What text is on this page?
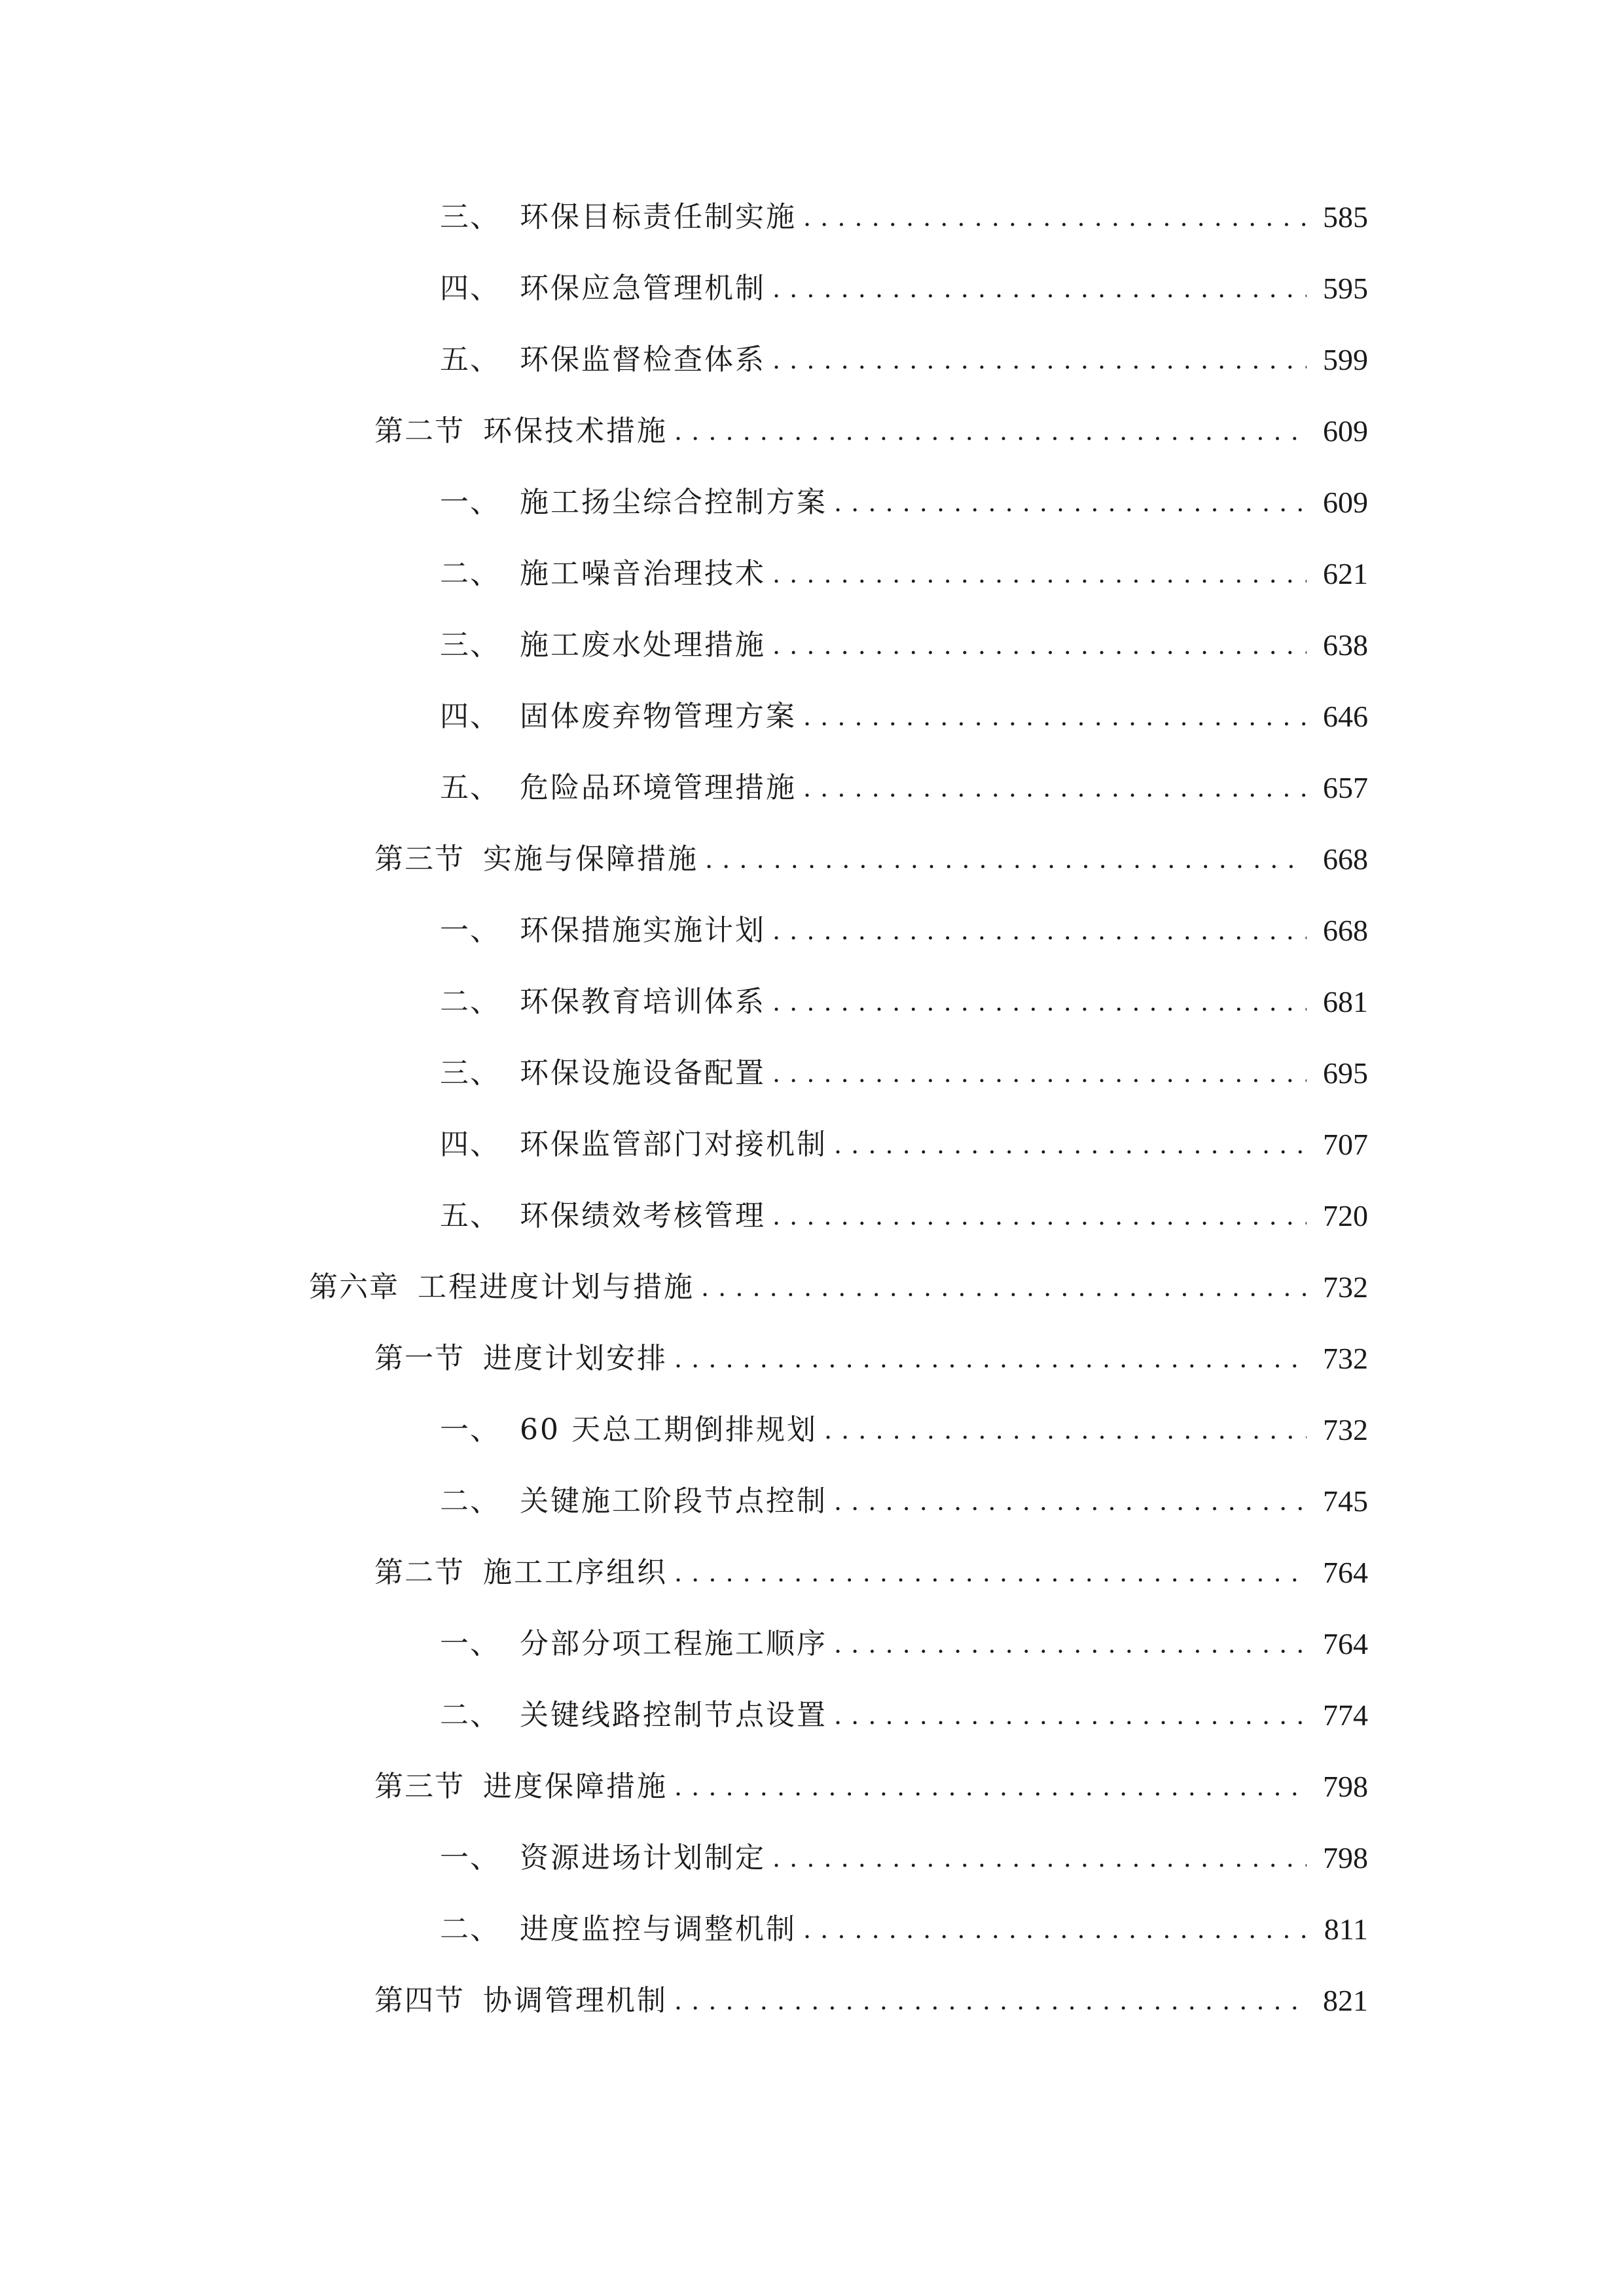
三、 环保目标责任制实施 . . .	585
四、 环保应急管理机制 . . .	595
五、 环保监督检查体系 . . .	599
第二节 环保技术措施 . . .	609
一、 施工扬尘综合控制方案 . . .	609
二、 施工噪音治理技术 . . .	621
三、 施工废水处理措施 . . .	638
四、 固体废弃物管理方案 . . .	646
五、 危险品环境管理措施 . . .	657
第三节 实施与保障措施 . . .	668
一、 环保措施实施计划 . . .	668
二、 环保教育培训体系 . . .	681
三、 环保设施设备配置 . . .	695
四、 环保监管部门对接机制 . . .	707
五、 环保绩效考核管理 . . .	720
第六章 工程进度计划与措施 . . .	732
第一节 进度计划安排 . . .	732
一、 60 天总工期倒排规划 . . .	732
二、 关键施工阶段节点控制 . . .	745
第二节 施工工序组织 . . .	764
一、 分部分项工程施工顺序 . . .	764
二、 关键线路控制节点设置 . . .	774
第三节 进度保障措施 . . .	798
一、 资源进场计划制定 . . .	798
二、 进度监控与调整机制 . . .	811
第四节 协调管理机制 . . .	821
